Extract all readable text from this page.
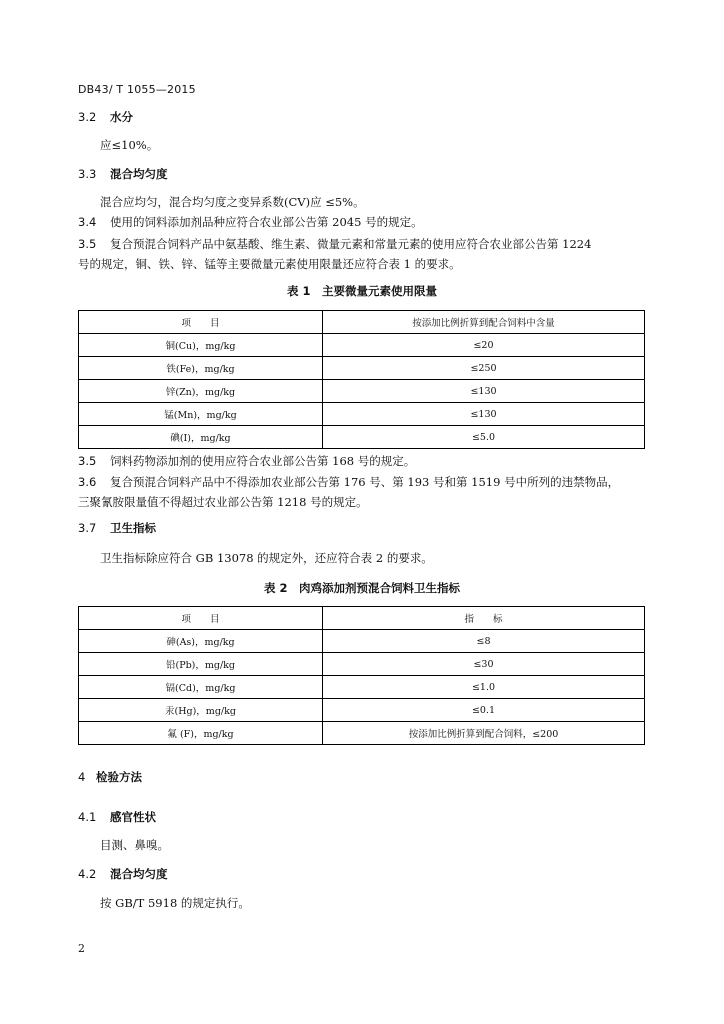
DB43/ T 1055—2015
3.2 水分
应≤10%。
3.3 混合均匀度
混合应均匀，混合均匀度之变异系数(CV)应 ≤5%。
3.4 使用的饲料添加剂品种应符合农业部公告第 2045 号的规定。
3.5 复合预混合饲料产品中氨基酸、维生素、微量元素和常量元素的使用应符合农业部公告第 1224
号的规定，铜、铁、锌、锰等主要微量元素使用限量还应符合表 1 的要求。
表 1　主要微量元素使用限量
项　　目	按添加比例折算到配合饲料中含量
铜(Cu)，mg/kg	≤20
铁(Fe)，mg/kg	≤250
锌(Zn)，mg/kg	≤130
锰(Mn)，mg/kg	≤130
碘(I)，mg/kg	≤5.0
3.5 饲料药物添加剂的使用应符合农业部公告第 168 号的规定。
3.6 复合预混合饲料产品中不得添加农业部公告第 176 号、第 193 号和第 1519 号中所列的违禁物品，
三聚氰胺限量值不得超过农业部公告第 1218 号的规定。
3.7 卫生指标
卫生指标除应符合 GB 13078 的规定外，还应符合表 2 的要求。
表 2　肉鸡添加剂预混合饲料卫生指标
项　　目	指　　标
砷(As)，mg/kg	≤8
铅(Pb)，mg/kg	≤30
镉(Cd)，mg/kg	≤1.0
汞(Hg)，mg/kg	≤0.1
氟 (F)，mg/kg	按添加比例折算到配合饲料，≤200
4 检验方法
4.1 感官性状
目测、鼻嗅。
4.2 混合均匀度
按 GB/T 5918 的规定执行。
2
